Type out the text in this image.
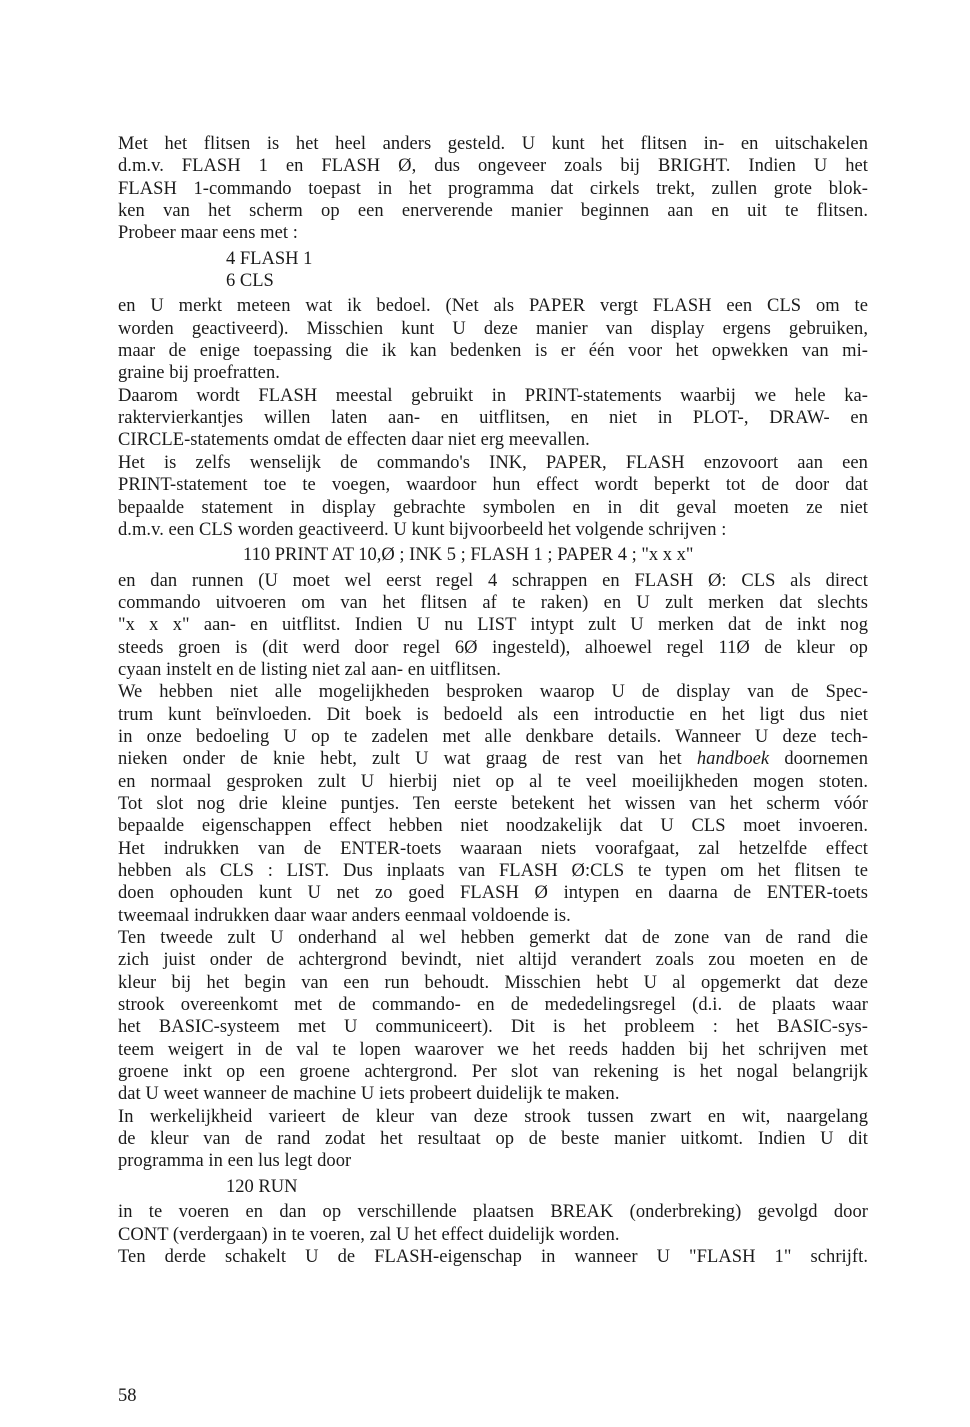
Met het flitsen is het heel anders gesteld. U kunt het flitsen in- en uitschakelen
d.m.v. FLASH 1 en FLASH Ø, dus ongeveer zoals bij BRIGHT. Indien U het
FLASH 1-commando toepast in het programma dat cirkels trekt, zullen grote blok-
ken van het scherm op een enerverende manier beginnen aan en uit te flitsen.
Probeer maar eens met :
4 FLASH 1
6 CLS
en U merkt meteen wat ik bedoel. (Net als PAPER vergt FLASH een CLS om te
worden geactiveerd). Misschien kunt U deze manier van display ergens gebruiken,
maar de enige toepassing die ik kan bedenken is er één voor het opwekken van mi-
graine bij proefratten.
Daarom wordt FLASH meestal gebruikt in PRINT-statements waarbij we hele ka-
raktervierkantjes willen laten aan- en uitflitsen, en niet in PLOT-, DRAW- en
CIRCLE-statements omdat de effecten daar niet erg meevallen.
Het is zelfs wenselijk de commando's INK, PAPER, FLASH enzovoort aan een
PRINT-statement toe te voegen, waardoor hun effect wordt beperkt tot de door dat
bepaalde statement in display gebrachte symbolen en in dit geval moeten ze niet
d.m.v. een CLS worden geactiveerd. U kunt bijvoorbeeld het volgende schrijven :
110 PRINT AT 10,Ø ; INK 5 ; FLASH 1 ; PAPER 4 ; "x x x"
en dan runnen (U moet wel eerst regel 4 schrappen en FLASH Ø: CLS als direct
commando uitvoeren om van het flitsen af te raken) en U zult merken dat slechts
"x x x" aan- en uitflitst. Indien U nu LIST intypt zult U merken dat de inkt nog
steeds groen is (dit werd door regel 6Ø ingesteld), alhoewel regel 11Ø de kleur op
cyaan instelt en de listing niet zal aan- en uitflitsen.
We hebben niet alle mogelijkheden besproken waarop U de display van de Spec-
trum kunt beïnvloeden. Dit boek is bedoeld als een introductie en het ligt dus niet
in onze bedoeling U op te zadelen met alle denkbare details. Wanneer U deze tech-
nieken onder de knie hebt, zult U wat graag de rest van het handboek doornemen
en normaal gesproken zult U hierbij niet op al te veel moeilijkheden mogen stoten.
Tot slot nog drie kleine puntjes. Ten eerste betekent het wissen van het scherm vóór
bepaalde eigenschappen effect hebben niet noodzakelijk dat U CLS moet invoeren.
Het indrukken van de ENTER-toets waaraan niets voorafgaat, zal hetzelfde effect
hebben als CLS : LIST. Dus inplaats van FLASH Ø:CLS te typen om het flitsen te
doen ophouden kunt U net zo goed FLASH Ø intypen en daarna de ENTER-toets
tweemaal indrukken daar waar anders eenmaal voldoende is.
Ten tweede zult U onderhand al wel hebben gemerkt dat de zone van de rand die
zich juist onder de achtergrond bevindt, niet altijd verandert zoals zou moeten en de
kleur bij het begin van een run behoudt. Misschien hebt U al opgemerkt dat deze
strook overeenkomt met de commando- en de mededelingsregel (d.i. de plaats waar
het BASIC-systeem met U communiceert). Dit is het probleem : het BASIC-sys-
teem weigert in de val te lopen waarover we het reeds hadden bij het schrijven met
groene inkt op een groene achtergrond. Per slot van rekening is het nogal belangrijk
dat U weet wanneer de machine U iets probeert duidelijk te maken.
In werkelijkheid varieert de kleur van deze strook tussen zwart en wit, naargelang
de kleur van de rand zodat het resultaat op de beste manier uitkomt. Indien U dit
programma in een lus legt door
120 RUN
in te voeren en dan op verschillende plaatsen BREAK (onderbreking) gevolgd door
CONT (verdergaan) in te voeren, zal U het effect duidelijk worden.
Ten derde schakelt U de FLASH-eigenschap in wanneer U "FLASH 1" schrijft.
58
